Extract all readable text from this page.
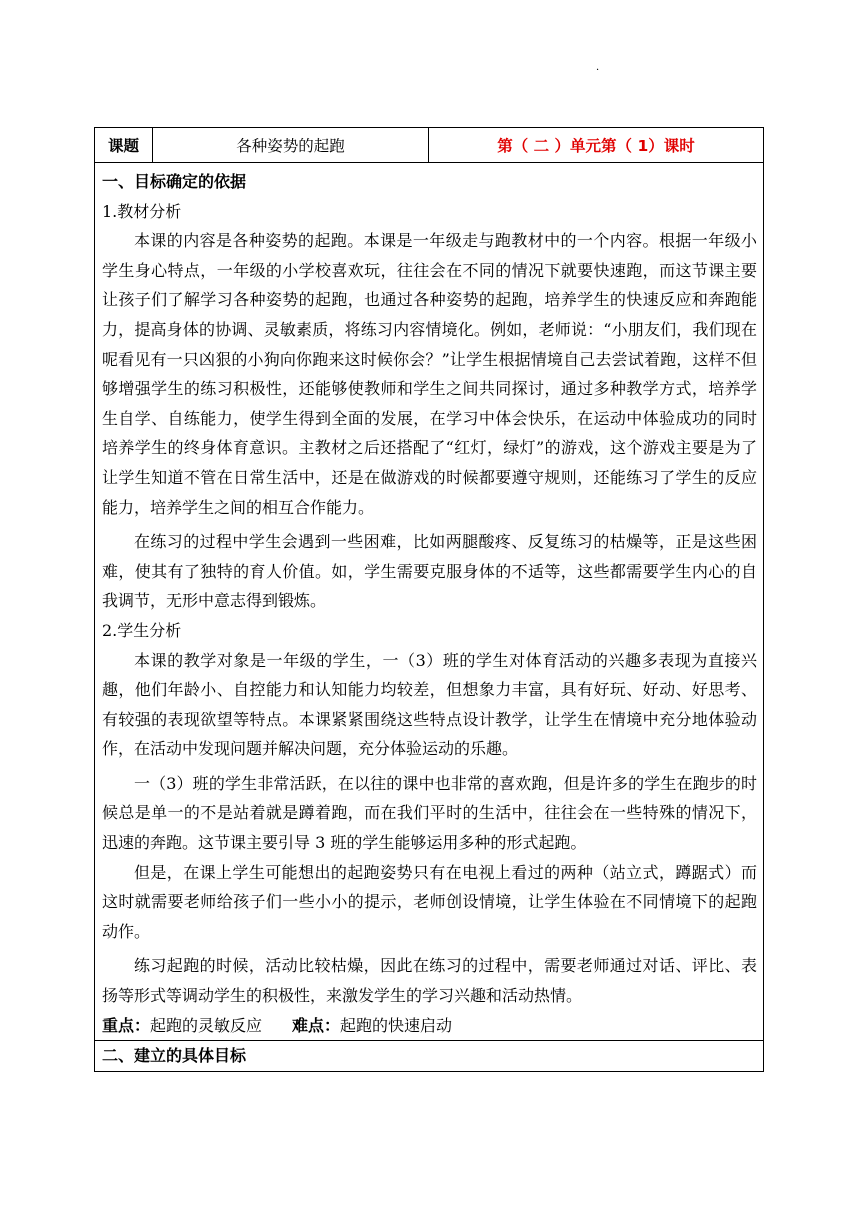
·
课题	各种姿势的起跑	第（ 二 ）单元第（ 1）课时
一、目标确定的依据
1.教材分析

本课的内容是各种姿势的起跑。本课是一年级走与跑教材中的一个内容。根据一年级小学生身心特点，一年级的小学校喜欢玩，往往会在不同的情况下就要快速跑，而这节课主要让孩子们了解学习各种姿势的起跑，也通过各种姿势的起跑，培养学生的快速反应和奔跑能力，提高身体的协调、灵敏素质，将练习内容情境化。例如，老师说：“小朋友们，我们现在呢看见有一只凶狠的小狗向你跑来这时候你会？”让学生根据情境自己去尝试着跑，这样不但够增强学生的练习积极性，还能够使教师和学生之间共同探讨，通过多种教学方式，培养学生自学、自练能力，使学生得到全面的发展，在学习中体会快乐，在运动中体验成功的同时培养学生的终身体育意识。主教材之后还搭配了“红灯，绿灯”的游戏，这个游戏主要是为了让学生知道不管在日常生活中，还是在做游戏的时候都要遵守规则，还能练习了学生的反应能力，培养学生之间的相互合作能力。

在练习的过程中学生会遇到一些困难，比如两腿酸疼、反复练习的枯燥等，正是这些困难，使其有了独特的育人价值。如，学生需要克服身体的不适等，这些都需要学生内心的自我调节，无形中意志得到锻炼。

2.学生分析

本课的教学对象是一年级的学生，一（3）班的学生对体育活动的兴趣多表现为直接兴趣，他们年龄小、自控能力和认知能力均较差，但想象力丰富，具有好玩、好动、好思考、有较强的表现欲望等特点。本课紧紧围绕这些特点设计教学，让学生在情境中充分地体验动作，在活动中发现问题并解决问题，充分体验运动的乐趣。

一（3）班的学生非常活跃，在以往的课中也非常的喜欢跑，但是许多的学生在跑步的时候总是单一的不是站着就是蹲着跑，而在我们平时的生活中，往往会在一些特殊的情况下，迅速的奔跑。这节课主要引导 3 班的学生能够运用多种的形式起跑。

但是，在课上学生可能想出的起跑姿势只有在电视上看过的两种（站立式，蹲踞式）而这时就需要老师给孩子们一些小小的提示，老师创设情境，让学生体验在不同情境下的起跑动作。

练习起跑的时候，活动比较枯燥，因此在练习的过程中，需要老师通过对话、评比、表扬等形式等调动学生的积极性，来激发学生的学习兴趣和活动热情。

重点：起跑的灵敏反应 难点：起跑的快速启动
二、建立的具体目标
